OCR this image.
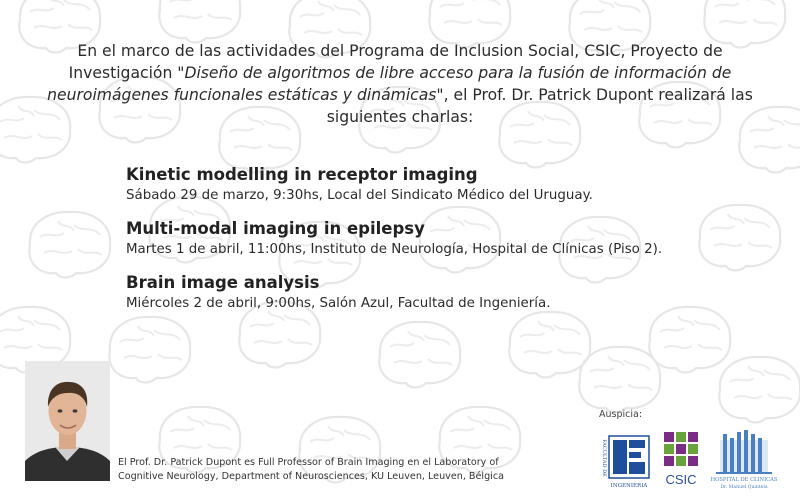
En el marco de las actividades del Programa de Inclusion Social, CSIC, Proyecto de Investigación "Diseño de algoritmos de libre acceso para la fusión de información de neuroimágenes funcionales estáticas y dinámicas", el Prof. Dr. Patrick Dupont realizará las siguientes charlas:
Kinetic modelling in receptor imaging
Sábado 29 de marzo, 9:30hs, Local del Sindicato Médico del Uruguay.
Multi-modal imaging in epilepsy
Martes 1 de abril, 11:00hs, Instituto de Neurología, Hospital de Clínicas (Piso 2).
Brain image analysis
Miércoles 2 de abril, 9:00hs, Salón Azul, Facultad de Ingeniería.
El Prof. Dr. Patrick Dupont es Full Professor of Brain Imaging en el Laboratory of Cognitive Neurology, Department of Neurosciences, KU Leuven, Leuven, Bélgica
Auspicia:
FACULTAD DE
INGENIERIA CSIC	HOSPITAL DE CLINICAS
Dr. Manuel Quintela
